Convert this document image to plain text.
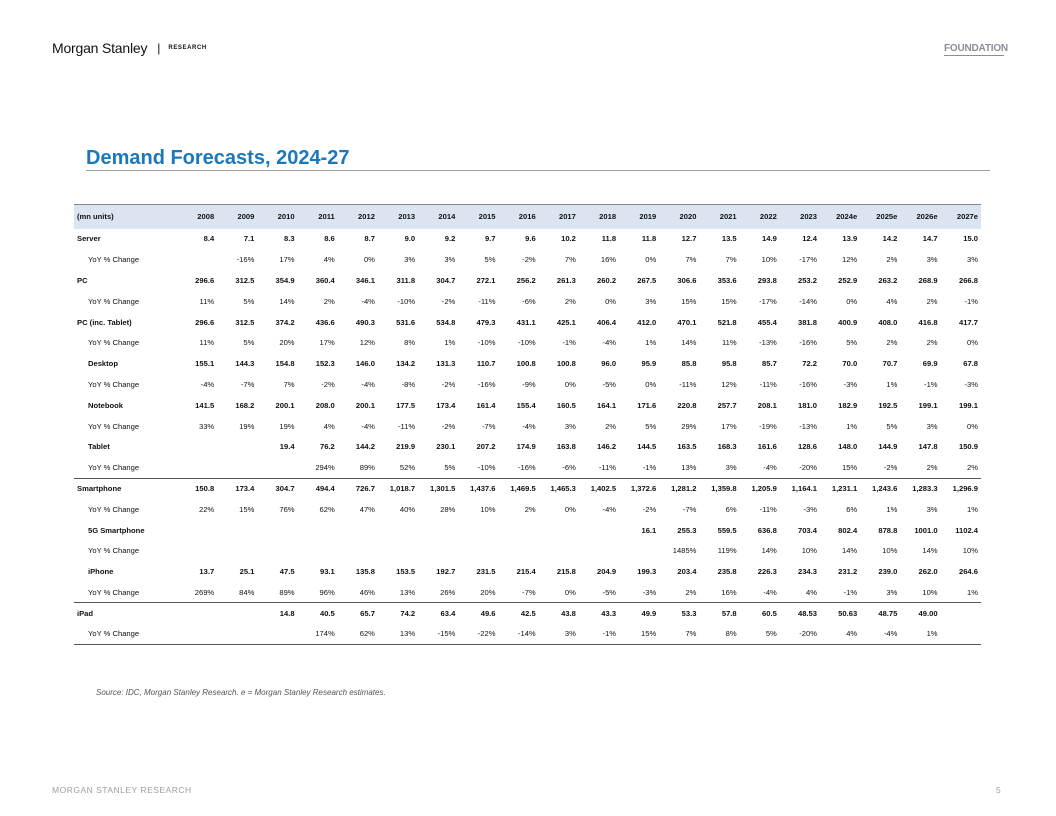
Morgan Stanley | RESEARCH	FOUNDATION
Demand Forecasts, 2024-27
(mn units)	2008	2009	2010	2011	2012	2013	2014	2015	2016	2017	2018	2019	2020	2021	2022	2023	2024e	2025e	2026e	2027e
Server	8.4	7.1	8.3	8.6	8.7	9.0	9.2	9.7	9.6	10.2	11.8	11.8	12.7	13.5	14.9	12.4	13.9	14.2	14.7	15.0
YoY % Change		-16%	17%	4%	0%	3%	3%	5%	-2%	7%	16%	0%	7%	7%	10%	-17%	12%	2%	3%	3%
PC	296.6	312.5	354.9	360.4	346.1	311.8	304.7	272.1	256.2	261.3	260.2	267.5	306.6	353.6	293.8	253.2	252.9	263.2	268.9	266.8
YoY % Change	11%	5%	14%	2%	-4%	-10%	-2%	-11%	-6%	2%	0%	3%	15%	15%	-17%	-14%	0%	4%	2%	-1%
PC (inc. Tablet)	296.6	312.5	374.2	436.6	490.3	531.6	534.8	479.3	431.1	425.1	406.4	412.0	470.1	521.8	455.4	381.8	400.9	408.0	416.8	417.7
YoY % Change	11%	5%	20%	17%	12%	8%	1%	-10%	-10%	-1%	-4%	1%	14%	11%	-13%	-16%	5%	2%	2%	0%
Desktop	155.1	144.3	154.8	152.3	146.0	134.2	131.3	110.7	100.8	100.8	96.0	95.9	85.8	95.8	85.7	72.2	70.0	70.7	69.9	67.8
YoY % Change	-4%	-7%	7%	-2%	-4%	-8%	-2%	-16%	-9%	0%	-5%	0%	-11%	12%	-11%	-16%	-3%	1%	-1%	-3%
Notebook	141.5	168.2	200.1	208.0	200.1	177.5	173.4	161.4	155.4	160.5	164.1	171.6	220.8	257.7	208.1	181.0	182.9	192.5	199.1	199.1
YoY % Change	33%	19%	19%	4%	-4%	-11%	-2%	-7%	-4%	3%	2%	5%	29%	17%	-19%	-13%	1%	5%	3%	0%
Tablet			19.4	76.2	144.2	219.9	230.1	207.2	174.9	163.8	146.2	144.5	163.5	168.3	161.6	128.6	148.0	144.9	147.8	150.9
YoY % Change				294%	89%	52%	5%	-10%	-16%	-6%	-11%	-1%	13%	3%	-4%	-20%	15%	-2%	2%	2%
Smartphone	150.8	173.4	304.7	494.4	726.7	1,018.7	1,301.5	1,437.6	1,469.5	1,465.3	1,402.5	1,372.6	1,281.2	1,359.8	1,205.9	1,164.1	1,231.1	1,243.6	1,283.3	1,296.9
YoY % Change	22%	15%	76%	62%	47%	40%	28%	10%	2%	0%	-4%	-2%	-7%	6%	-11%	-3%	6%	1%	3%	1%
5G Smartphone												16.1	255.3	559.5	636.8	703.4	802.4	878.8	1001.0	1102.4
YoY % Change													1485%	119%	14%	10%	14%	10%	14%	10%
iPhone	13.7	25.1	47.5	93.1	135.8	153.5	192.7	231.5	215.4	215.8	204.9	199.3	203.4	235.8	226.3	234.3	231.2	239.0	262.0	264.6
YoY % Change	269%	84%	89%	96%	46%	13%	26%	20%	-7%	0%	-5%	-3%	2%	16%	-4%	4%	-1%	3%	10%	1%
iPad			14.8	40.5	65.7	74.2	63.4	49.6	42.5	43.8	43.3	49.9	53.3	57.8	60.5	48.53	50.63	48.75	49.00	
YoY % Change				174%	62%	13%	-15%	-22%	-14%	3%	-1%	15%	7%	8%	5%	-20%	4%	-4%	1%	
Source: IDC, Morgan Stanley Research. e = Morgan Stanley Research estimates.
MORGAN STANLEY RESEARCH	5
